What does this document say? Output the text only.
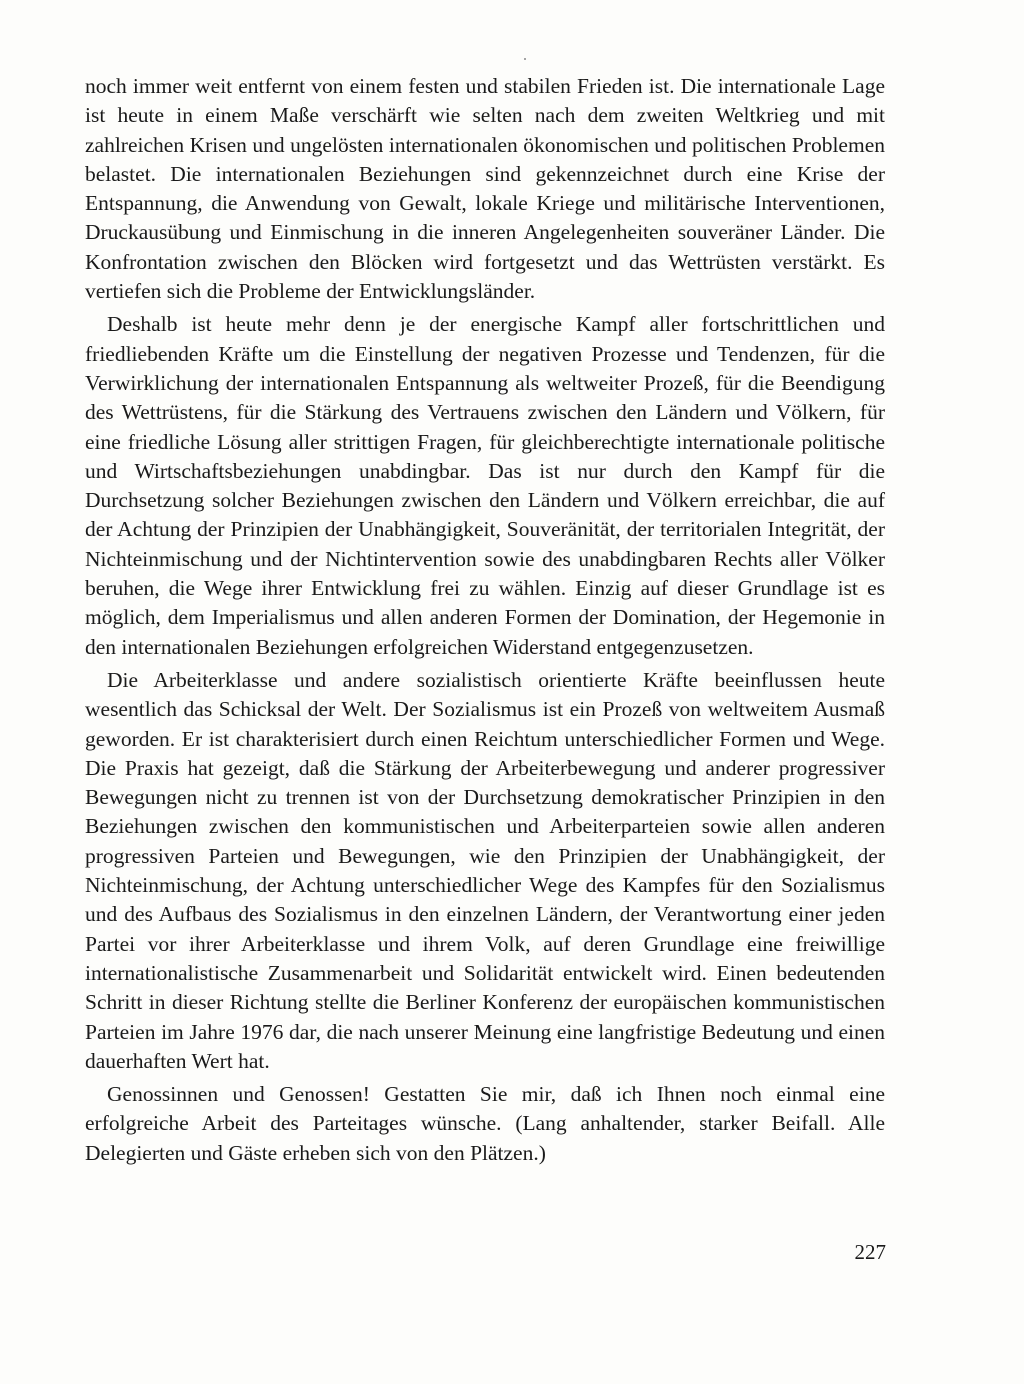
noch immer weit entfernt von einem festen und stabilen Frieden ist. Die internationale Lage ist heute in einem Maße verschärft wie selten nach dem zweiten Weltkrieg und mit zahlreichen Krisen und ungelösten internationalen ökonomischen und politischen Problemen belastet. Die internationalen Beziehungen sind gekennzeichnet durch eine Krise der Entspannung, die Anwendung von Gewalt, lokale Kriege und militärische Interventionen, Druckausübung und Einmischung in die inneren Angelegenheiten souveräner Länder. Die Konfrontation zwischen den Blöcken wird fortgesetzt und das Wettrüsten verstärkt. Es vertiefen sich die Probleme der Entwicklungsländer.

Deshalb ist heute mehr denn je der energische Kampf aller fortschrittlichen und friedliebenden Kräfte um die Einstellung der negativen Prozesse und Tendenzen, für die Verwirklichung der internationalen Entspannung als weltweiter Prozeß, für die Beendigung des Wettrüstens, für die Stärkung des Vertrauens zwischen den Ländern und Völkern, für eine friedliche Lösung aller strittigen Fragen, für gleichberechtigte internationale politische und Wirtschaftsbeziehungen unabdingbar. Das ist nur durch den Kampf für die Durchsetzung solcher Beziehungen zwischen den Ländern und Völkern erreichbar, die auf der Achtung der Prinzipien der Unabhängigkeit, Souveränität, der territorialen Integrität, der Nichteinmischung und der Nichtintervention sowie des unabdingbaren Rechts aller Völker beruhen, die Wege ihrer Entwicklung frei zu wählen. Einzig auf dieser Grundlage ist es möglich, dem Imperialismus und allen anderen Formen der Domination, der Hegemonie in den internationalen Beziehungen erfolgreichen Widerstand entgegenzusetzen.

Die Arbeiterklasse und andere sozialistisch orientierte Kräfte beeinflussen heute wesentlich das Schicksal der Welt. Der Sozialismus ist ein Prozeß von weltweitem Ausmaß geworden. Er ist charakterisiert durch einen Reichtum unterschiedlicher Formen und Wege. Die Praxis hat gezeigt, daß die Stärkung der Arbeiterbewegung und anderer progressiver Bewegungen nicht zu trennen ist von der Durchsetzung demokratischer Prinzipien in den Beziehungen zwischen den kommunistischen und Arbeiterparteien sowie allen anderen progressiven Parteien und Bewegungen, wie den Prinzipien der Unabhängigkeit, der Nichteinmischung, der Achtung unterschiedlicher Wege des Kampfes für den Sozialismus und des Aufbaus des Sozialismus in den einzelnen Ländern, der Verantwortung einer jeden Partei vor ihrer Arbeiterklasse und ihrem Volk, auf deren Grundlage eine freiwillige internationalistische Zusammenarbeit und Solidarität entwickelt wird. Einen bedeutenden Schritt in dieser Richtung stellte die Berliner Konferenz der europäischen kommunistischen Parteien im Jahre 1976 dar, die nach unserer Meinung eine langfristige Bedeutung und einen dauerhaften Wert hat.

Genossinnen und Genossen! Gestatten Sie mir, daß ich Ihnen noch einmal eine erfolgreiche Arbeit des Parteitages wünsche. (Lang anhaltender, starker Beifall. Alle Delegierten und Gäste erheben sich von den Plätzen.)

227
